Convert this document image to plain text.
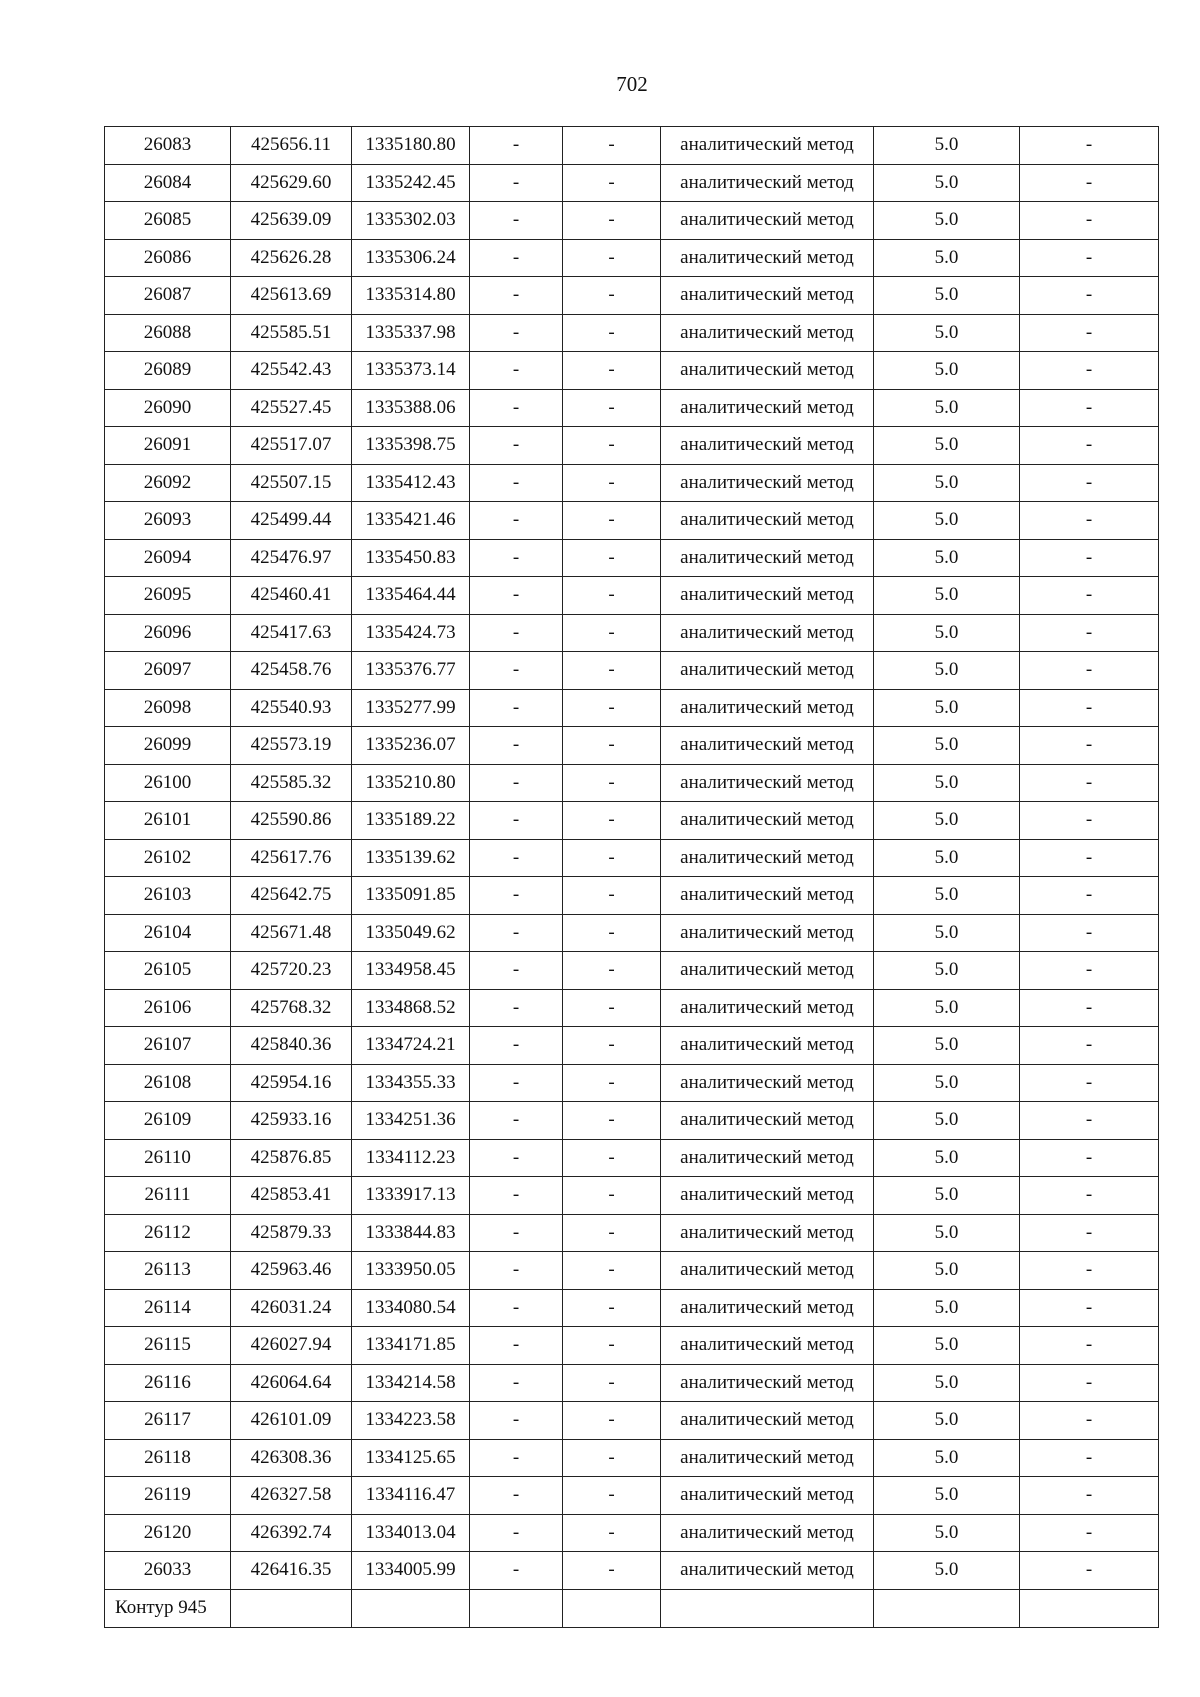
702
26083	425656.11	1335180.80	-	-	аналитический метод	5.0	-
26084	425629.60	1335242.45	-	-	аналитический метод	5.0	-
26085	425639.09	1335302.03	-	-	аналитический метод	5.0	-
26086	425626.28	1335306.24	-	-	аналитический метод	5.0	-
26087	425613.69	1335314.80	-	-	аналитический метод	5.0	-
26088	425585.51	1335337.98	-	-	аналитический метод	5.0	-
26089	425542.43	1335373.14	-	-	аналитический метод	5.0	-
26090	425527.45	1335388.06	-	-	аналитический метод	5.0	-
26091	425517.07	1335398.75	-	-	аналитический метод	5.0	-
26092	425507.15	1335412.43	-	-	аналитический метод	5.0	-
26093	425499.44	1335421.46	-	-	аналитический метод	5.0	-
26094	425476.97	1335450.83	-	-	аналитический метод	5.0	-
26095	425460.41	1335464.44	-	-	аналитический метод	5.0	-
26096	425417.63	1335424.73	-	-	аналитический метод	5.0	-
26097	425458.76	1335376.77	-	-	аналитический метод	5.0	-
26098	425540.93	1335277.99	-	-	аналитический метод	5.0	-
26099	425573.19	1335236.07	-	-	аналитический метод	5.0	-
26100	425585.32	1335210.80	-	-	аналитический метод	5.0	-
26101	425590.86	1335189.22	-	-	аналитический метод	5.0	-
26102	425617.76	1335139.62	-	-	аналитический метод	5.0	-
26103	425642.75	1335091.85	-	-	аналитический метод	5.0	-
26104	425671.48	1335049.62	-	-	аналитический метод	5.0	-
26105	425720.23	1334958.45	-	-	аналитический метод	5.0	-
26106	425768.32	1334868.52	-	-	аналитический метод	5.0	-
26107	425840.36	1334724.21	-	-	аналитический метод	5.0	-
26108	425954.16	1334355.33	-	-	аналитический метод	5.0	-
26109	425933.16	1334251.36	-	-	аналитический метод	5.0	-
26110	425876.85	1334112.23	-	-	аналитический метод	5.0	-
26111	425853.41	1333917.13	-	-	аналитический метод	5.0	-
26112	425879.33	1333844.83	-	-	аналитический метод	5.0	-
26113	425963.46	1333950.05	-	-	аналитический метод	5.0	-
26114	426031.24	1334080.54	-	-	аналитический метод	5.0	-
26115	426027.94	1334171.85	-	-	аналитический метод	5.0	-
26116	426064.64	1334214.58	-	-	аналитический метод	5.0	-
26117	426101.09	1334223.58	-	-	аналитический метод	5.0	-
26118	426308.36	1334125.65	-	-	аналитический метод	5.0	-
26119	426327.58	1334116.47	-	-	аналитический метод	5.0	-
26120	426392.74	1334013.04	-	-	аналитический метод	5.0	-
26033	426416.35	1334005.99	-	-	аналитический метод	5.0	-
Контур 945							
